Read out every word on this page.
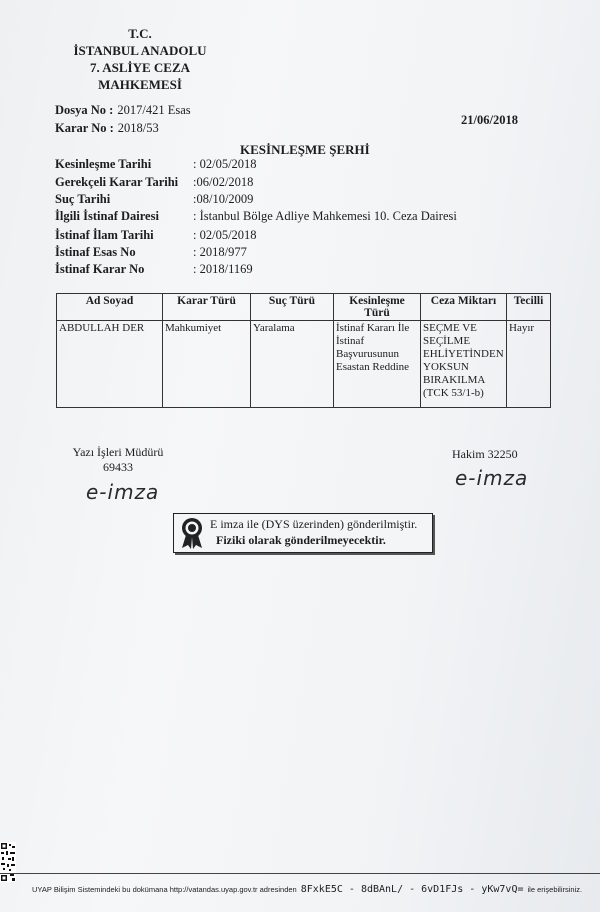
T.C.
İSTANBUL ANADOLU
7. ASLİYE CEZA MAHKEMESİ
Dosya No : 2017/421 Esas
Karar No : 2018/53
21/06/2018
KESİNLEŞME ŞERHİ
Kesinleşme Tarihi	: 02/05/2018
Gerekçeli Karar Tarihi :06/02/2018
Suç Tarihi	:08/10/2009
İlgili İstinaf Dairesi	: İstanbul Bölge Adliye Mahkemesi 10. Ceza Dairesi
İstinaf İlam Tarihi	: 02/05/2018
İstinaf Esas No	: 2018/977
İstinaf Karar No	: 2018/1169
Ad Soyad	Karar Türü	Suç Türü	Kesinleşme Türü	Ceza Miktarı	Tecilli
ABDULLAH DER	Mahkumiyet	Yaralama	İstinaf Kararı İle İstinaf Başvurusunun Esastan Reddine	SEÇME VE SEÇİLME EHLİYETİNDEN YOKSUN BIRAKILMA (TCK 53/1-b)	Hayır
Yazı İşleri Müdürü
69433
e-imza
Hakim 32250
e-imza
E imza ile (DYS üzerinden) gönderilmiştir.
Fiziki olarak gönderilmeyecektir.
UYAP Bilişim Sistemindeki bu dokümana http://vatandas.uyap.gov.tr adresinden 8FxkE5C - 8dBAnL/ - 6vD1FJs - yKw7vQ= ile erişebilirsiniz.
